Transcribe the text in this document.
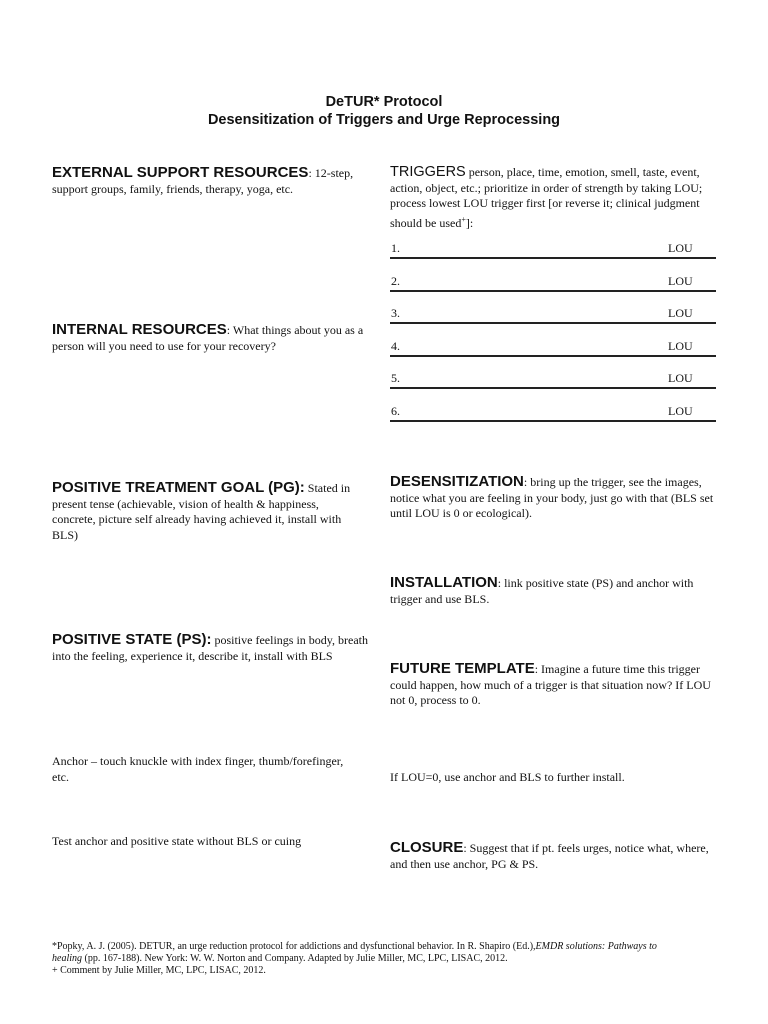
DeTUR* Protocol
Desensitization of Triggers and Urge Reprocessing
EXTERNAL SUPPORT RESOURCES: 12-step, support groups, family, friends, therapy, yoga, etc.
INTERNAL RESOURCES: What things about you as a person will you need to use for your recovery?
POSITIVE TREATMENT GOAL (PG): Stated in present tense (achievable, vision of health & happiness, concrete, picture self already having achieved it, install with BLS)
POSITIVE STATE (PS): positive feelings in body, breath into the feeling, experience it, describe it, install with BLS
Anchor – touch knuckle with index finger, thumb/forefinger, etc.
Test anchor and positive state without BLS or cuing
TRIGGERS person, place, time, emotion, smell, taste, event, action, object, etc.; prioritize in order of strength by taking LOU; process lowest LOU trigger first [or reverse it; clinical judgment should be used+]:
1.	LOU
2.	LOU
3.	LOU
4.	LOU
5.	LOU
6.	LOU
DESENSITIZATION: bring up the trigger, see the images, notice what you are feeling in your body, just go with that (BLS set until LOU is 0 or ecological).
INSTALLATION: link positive state (PS) and anchor with trigger and use BLS.
FUTURE TEMPLATE: Imagine a future time this trigger could happen, how much of a trigger is that situation now? If LOU not 0, process to 0.
If LOU=0, use anchor and BLS to further install.
CLOSURE: Suggest that if pt. feels urges, notice what, where, and then use anchor, PG & PS.
*Popky, A. J. (2005). DETUR, an urge reduction protocol for addictions and dysfunctional behavior. In R. Shapiro (Ed.),EMDR solutions: Pathways to healing (pp. 167-188). New York: W. W. Norton and Company. Adapted by Julie Miller, MC, LPC, LISAC, 2012.
+ Comment by Julie Miller, MC, LPC, LISAC, 2012.
